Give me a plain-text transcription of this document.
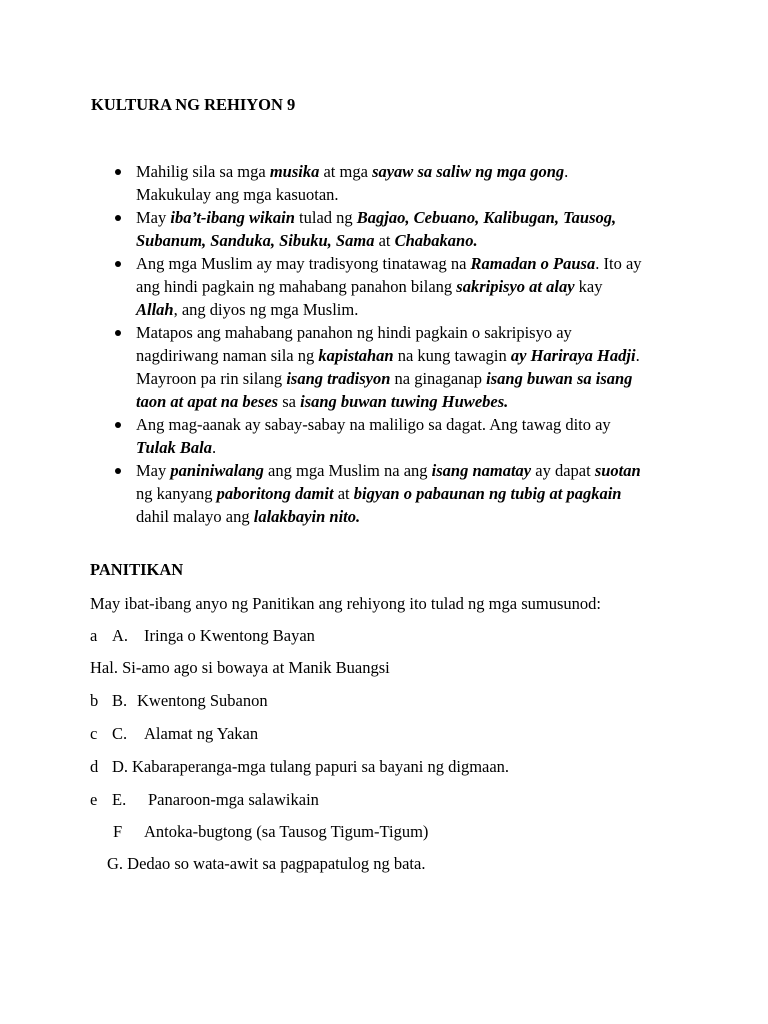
KULTURA NG REHIYON 9
Mahilig sila sa mga musika at mga sayaw sa saliw ng mga gong.
Makukulay ang mga kasuotan.
May iba’t-ibang wikain tulad ng Bagjao, Cebuano, Kalibugan, Tausog,
Subanum, Sanduka, Sibuku, Sama at Chabakano.
Ang mga Muslim ay may tradisyong tinatawag na Ramadan o Pausa. Ito ay
ang hindi pagkain ng mahabang panahon bilang sakripisyo at alay kay
Allah, ang diyos ng mga Muslim.
Matapos ang mahabang panahon ng hindi pagkain o sakripisyo ay
nagdiriwang naman sila ng kapistahan na kung tawagin ay Hariraya Hadji.
Mayroon pa rin silang isang tradisyon na ginaganap isang buwan sa isang
taon at apat na beses sa isang buwan tuwing Huwebes.
Ang mag-aanak ay sabay-sabay na maliligo sa dagat. Ang tawag dito ay
Tulak Bala.
May paniniwalang ang mga Muslim na ang isang namatay ay dapat suotan
ng kanyang paboritong damit at bigyan o pabaunan ng tubig at pagkain
dahil malayo ang lalakbayin nito.
PANITIKAN
May ibat-ibang anyo ng Panitikan ang rehiyong ito tulad ng mga sumusunod:
a A. Iringa o Kwentong Bayan
Hal. Si-amo ago si bowaya at Manik Buangsi
b B. Kwentong Subanon
c C. Alamat ng Yakan
d D. Kabaraperanga-mga tulang papuri sa bayani ng digmaan.
e E. Panaroon-mga salawikain
F Antoka-bugtong (sa Tausog Tigum-Tigum)
G. Dedao so wata-awit sa pagpapatulog ng bata.
